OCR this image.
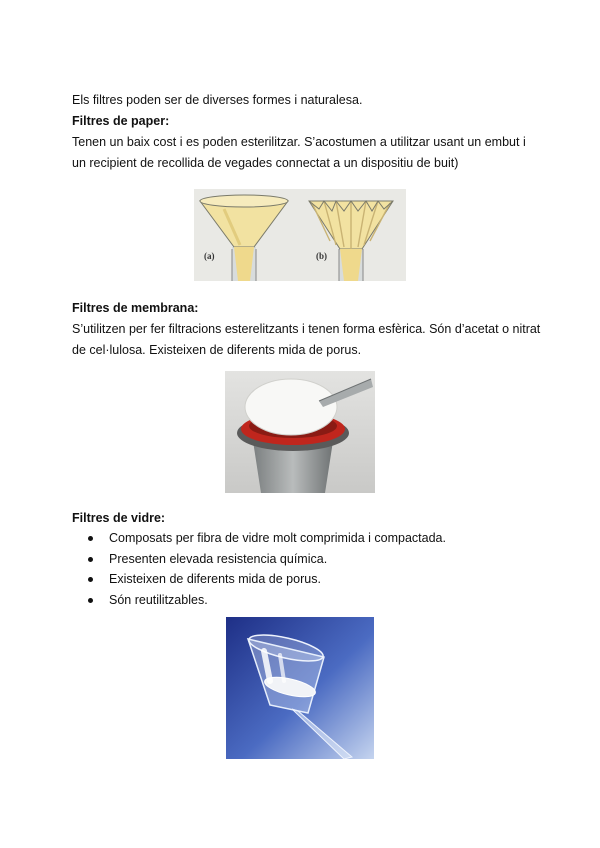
Els filtres poden ser de diverses formes i naturalesa.
Filtres de paper:
Tenen un baix cost i es poden esterilitzar. S’acostumen a utilitzar usant un embut i
un recipient de recollida de vegades connectat a un dispositiu de buit)
(a)	(b)
Filtres de membrana:
S’utilitzen per fer filtracions esterelitzants i tenen forma esfèrica. Són d’acetat o nitrat
de cel·lulosa. Existeixen de diferents mida de porus.
Filtres de vidre:
Composats per fibra de vidre molt comprimida i compactada.
Presenten elevada resistencia química.
Existeixen de diferents mida de porus.
Són reutilitzables.
